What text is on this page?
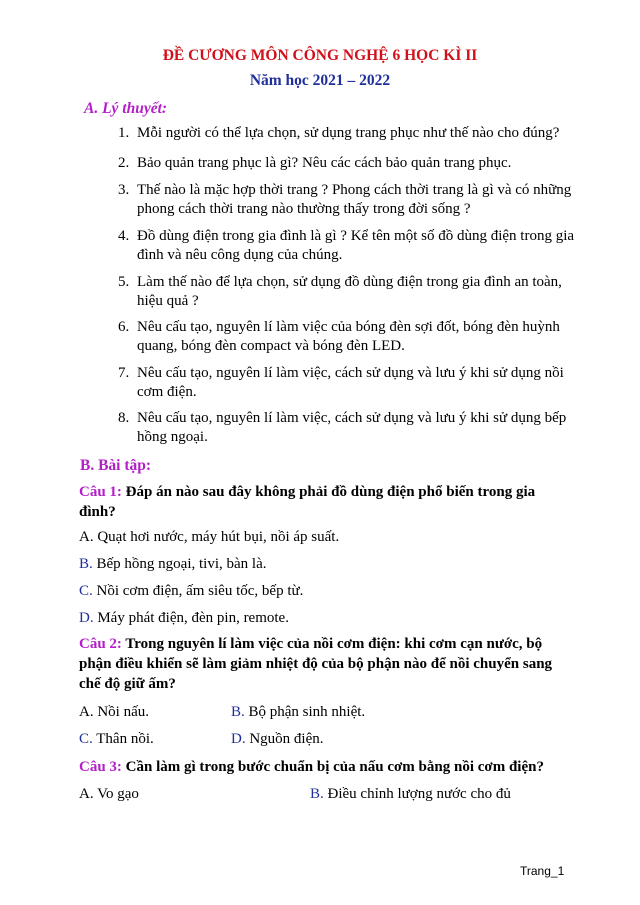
ĐỀ CƯƠNG MÔN CÔNG NGHỆ 6 HỌC KÌ II
Năm học 2021 – 2022
A. Lý thuyết:
1. Mỗi người có thể lựa chọn, sử dụng trang phục như thế nào cho đúng?
2. Bảo quản trang phục là gì? Nêu các cách bảo quản trang phục.
3. Thế nào là mặc hợp thời trang ? Phong cách thời trang là gì và có những phong cách thời trang nào thường thấy trong đời sống ?
4. Đồ dùng điện trong gia đình là gì ? Kể tên một số đồ dùng điện trong gia đình và nêu công dụng của chúng.
5. Làm thế nào để lựa chọn, sử dụng đồ dùng điện trong gia đình an toàn, hiệu quả ?
6. Nêu cấu tạo, nguyên lí làm việc của bóng đèn sợi đốt, bóng đèn huỳnh quang, bóng đèn compact và bóng đèn LED.
7. Nêu cấu tạo, nguyên lí làm việc, cách sử dụng và lưu ý khi sử dụng nồi cơm điện.
8. Nêu cấu tạo, nguyên lí làm việc, cách sử dụng và lưu ý khi sử dụng bếp hồng ngoại.
B. Bài tập:
Câu 1: Đáp án nào sau đây không phải đồ dùng điện phổ biến trong gia đình?
A. Quạt hơi nước, máy hút bụi, nồi áp suất.
B. Bếp hồng ngoại, tivi, bàn là.
C. Nồi cơm điện, ấm siêu tốc, bếp từ.
D. Máy phát điện, đèn pin, remote.
Câu 2: Trong nguyên lí làm việc của nồi cơm điện: khi cơm cạn nước, bộ phận điều khiển sẽ làm giảm nhiệt độ của bộ phận nào để nồi chuyển sang chế độ giữ ấm?
A. Nồi nấu.	B. Bộ phận sinh nhiệt.
C. Thân nồi.	D. Nguồn điện.
Câu 3: Cần làm gì trong bước chuẩn bị của nấu cơm bằng nồi cơm điện?
A. Vo gạo	B. Điều chỉnh lượng nước cho đủ
Trang_1
